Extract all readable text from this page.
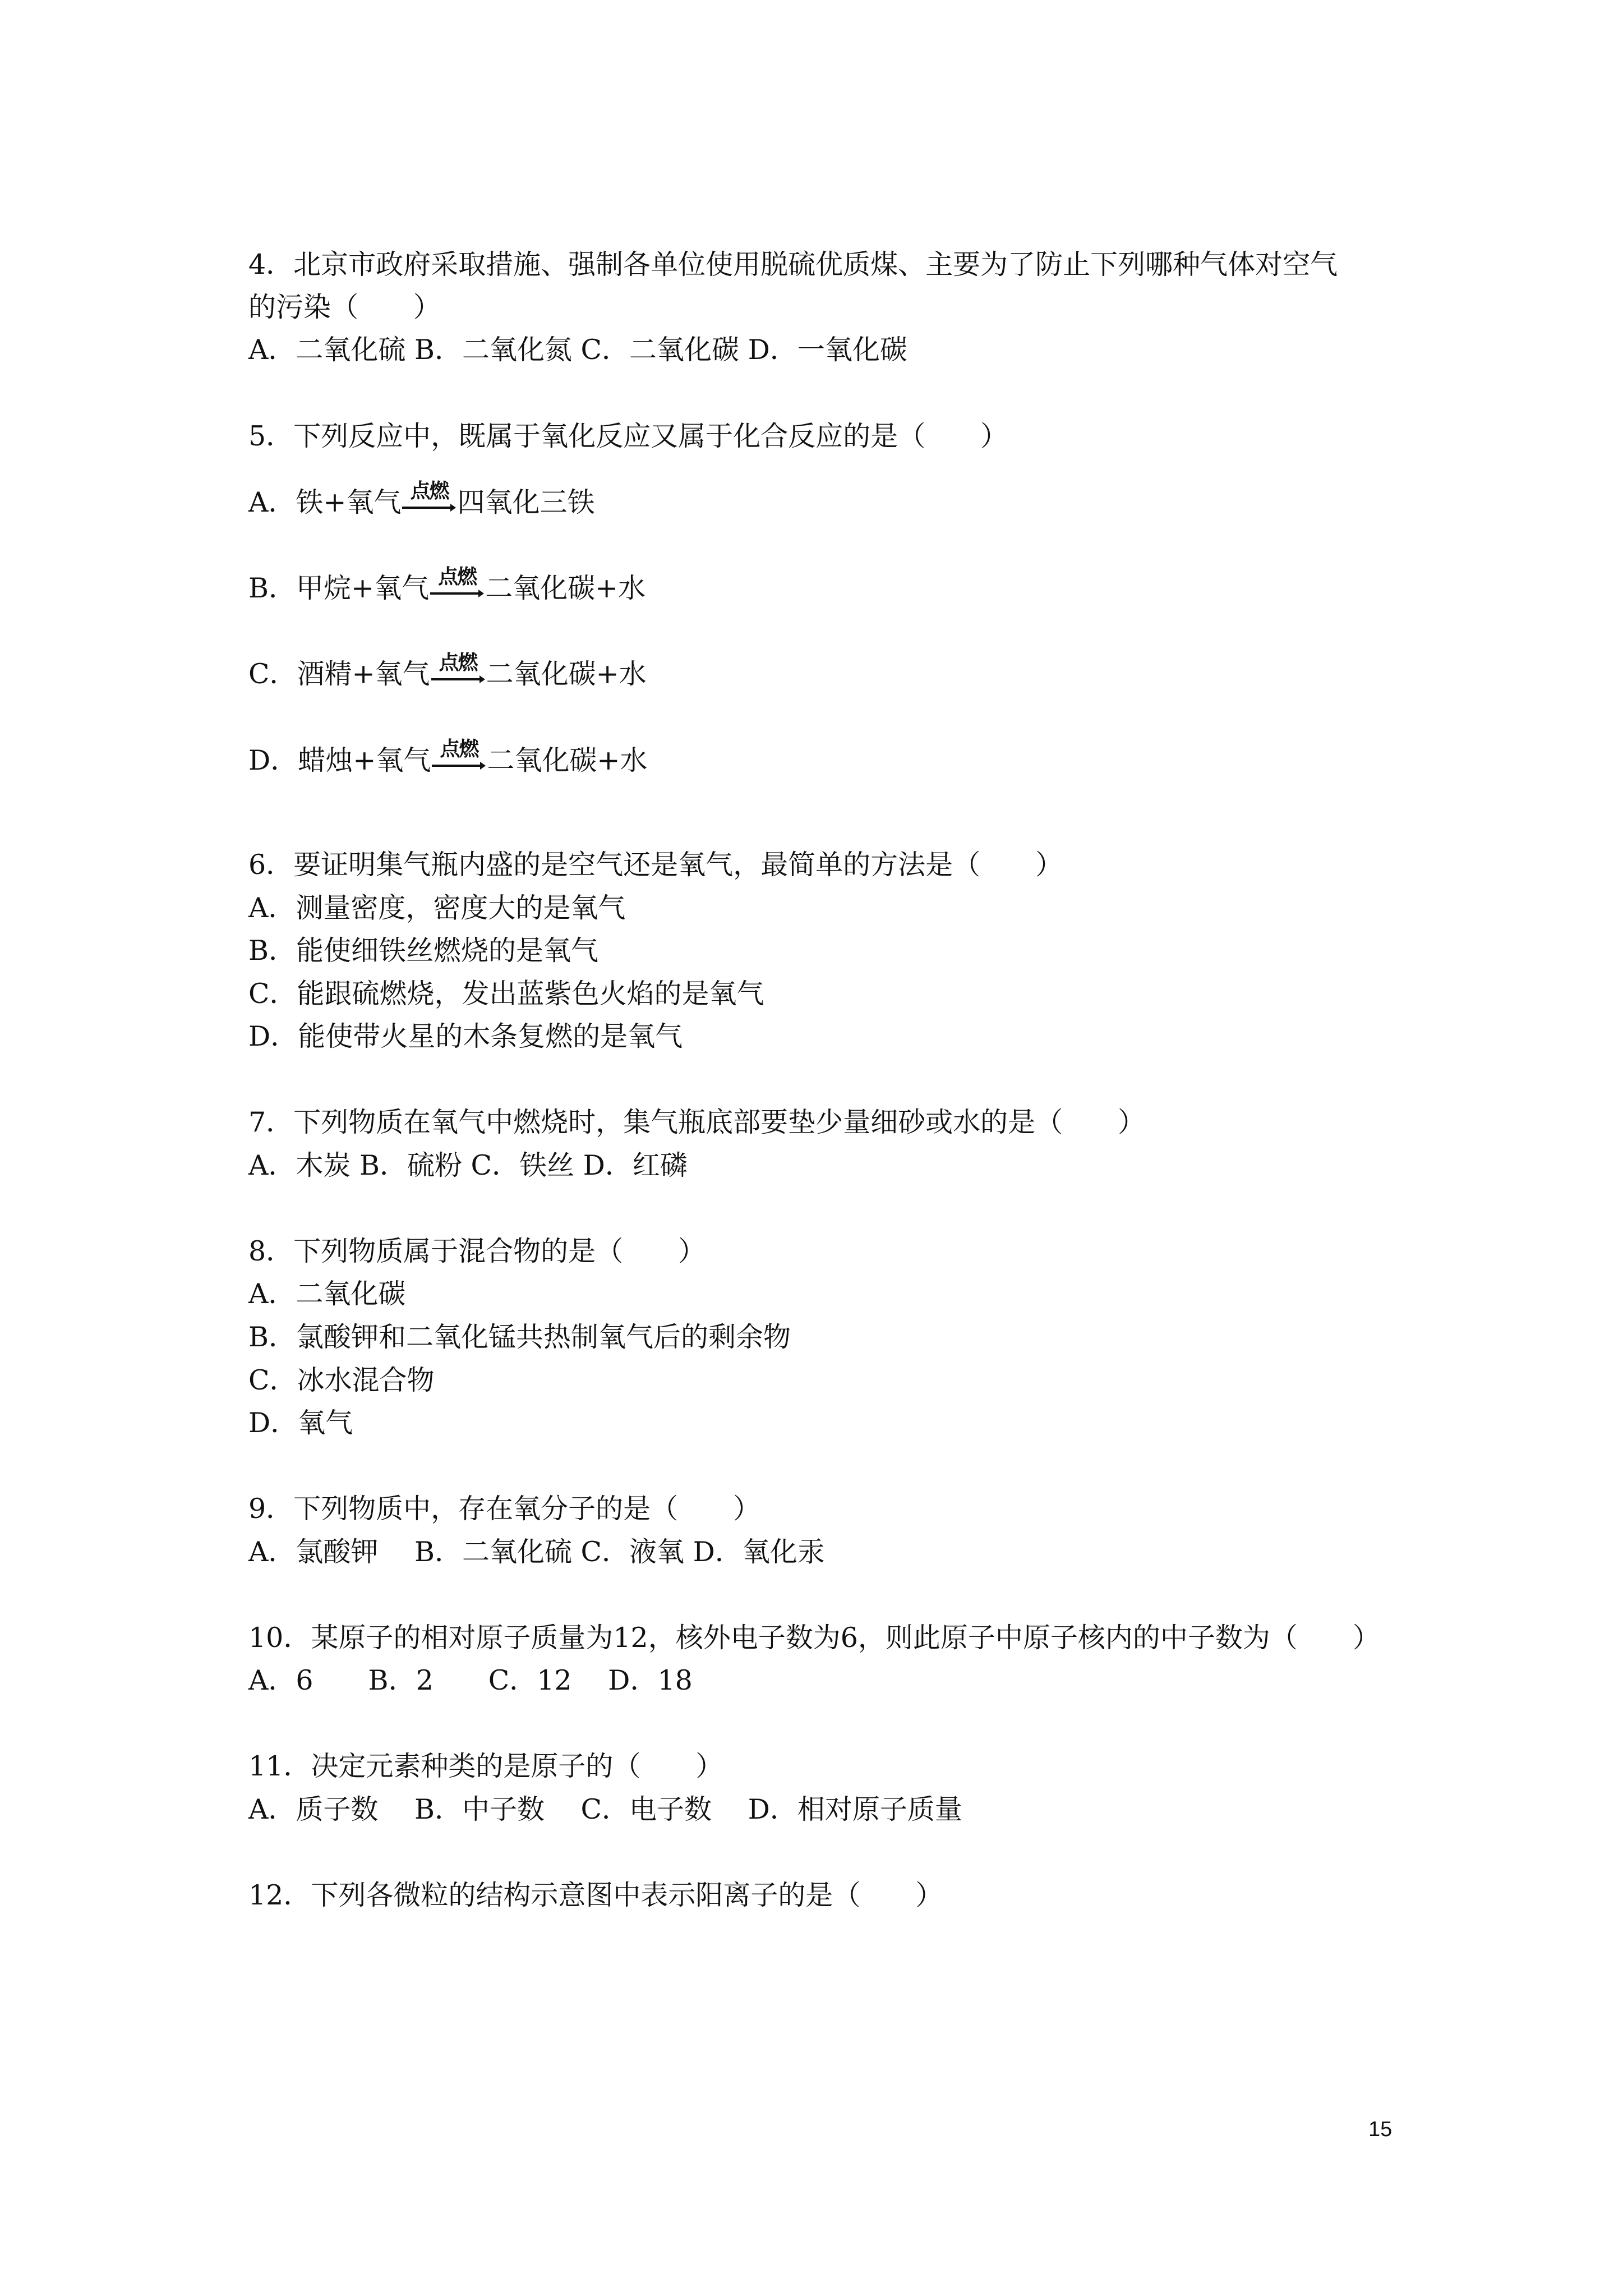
4．北京市政府采取措施、强制各单位使用脱硫优质煤、主要为了防止下列哪种气体对空气
的污染（　　）
A．二氧化硫 B．二氧化氮 C．二氧化碳 D．一氧化碳
5．下列反应中，既属于氧化反应又属于化合反应的是（　　）
A．铁+氧气

点燃

四氧化三铁
B．甲烷+氧气

点燃

二氧化碳+水
C．酒精+氧气

点燃

二氧化碳+水
D．蜡烛+氧气

点燃

二氧化碳+水
6．要证明集气瓶内盛的是空气还是氧气，最简单的方法是（　　）
A．测量密度，密度大的是氧气
B．能使细铁丝燃烧的是氧气
C．能跟硫燃烧，发出蓝紫色火焰的是氧气
D．能使带火星的木条复燃的是氧气
7．下列物质在氧气中燃烧时，集气瓶底部要垫少量细砂或水的是（　　）
A．木炭 B．硫粉 C．铁丝 D．红磷
8．下列物质属于混合物的是（　　）
A．二氧化碳
B．氯酸钾和二氧化锰共热制氧气后的剩余物
C．冰水混合物
D．氧气
9．下列物质中，存在氧分子的是（　　）
A．氯酸钾　 B．二氧化硫 C．液氧 D．氧化汞
10．某原子的相对原子质量为12，核外电子数为6，则此原子中原子核内的中子数为（　　）
A．6　　B．2　　C．12　 D．18
11．决定元素种类的是原子的（　　）
A．质子数　 B．中子数　 C．电子数　 D．相对原子质量
12．下列各微粒的结构示意图中表示阳离子的是（　　）
15
